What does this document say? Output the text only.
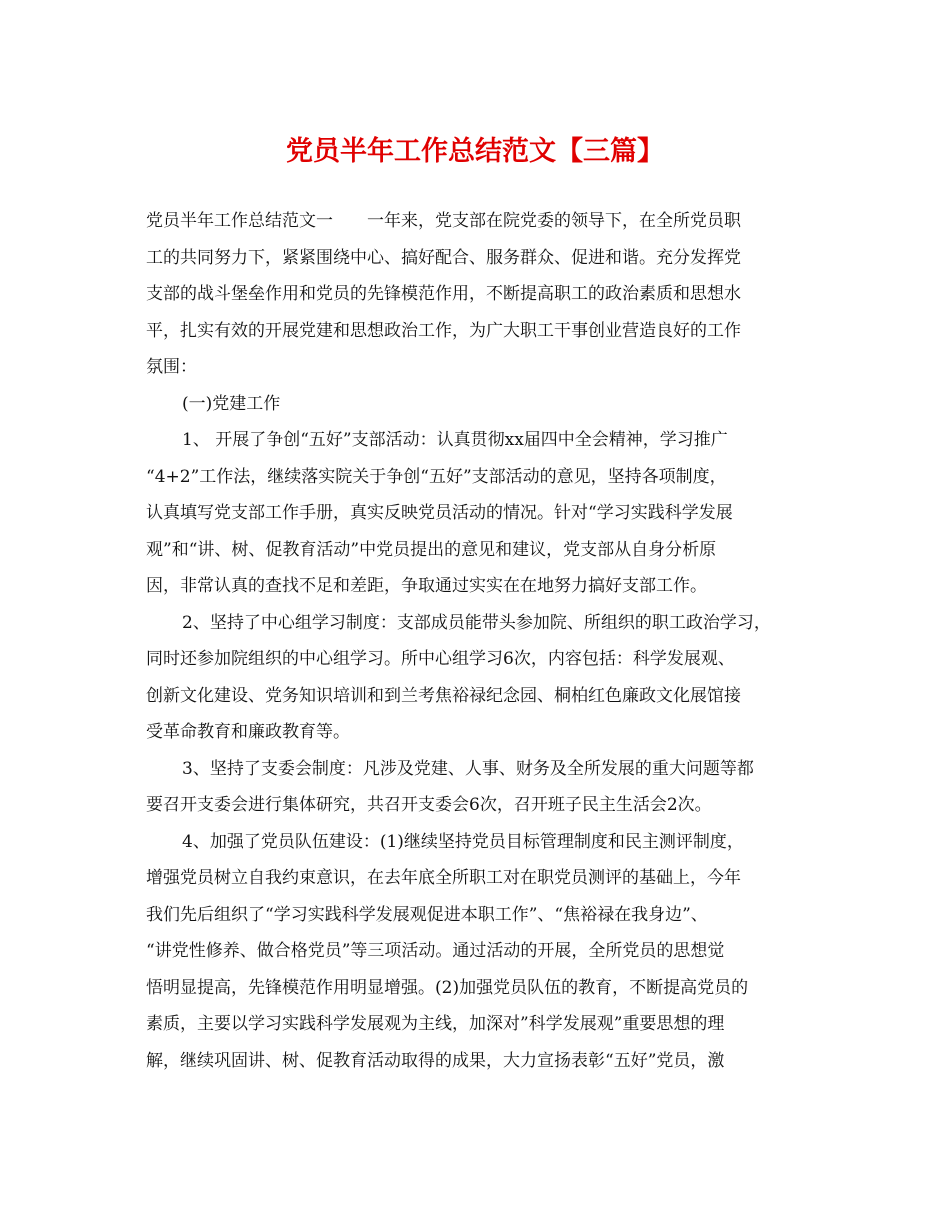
党员半年工作总结范文【三篇】

党员半年工作总结范文一　　一年来，党支部在院党委的领导下，在全所党员职

工的共同努力下，紧紧围绕中心、搞好配合、服务群众、促进和谐。充分发挥党

支部的战斗堡垒作用和党员的先锋模范作用，不断提高职工的政治素质和思想水

平，扎实有效的开展党建和思想政治工作，为广大职工干事创业营造良好的工作

氛围：

(一)党建工作

1、 开展了争创“五好”支部活动：认真贯彻xx届四中全会精神，学习推广

“4+2”工作法，继续落实院关于争创“五好”支部活动的意见，坚持各项制度，

认真填写党支部工作手册，真实反映党员活动的情况。针对“学习实践科学发展

观”和“讲、树、促教育活动”中党员提出的意见和建议，党支部从自身分析原

因，非常认真的查找不足和差距，争取通过实实在在地努力搞好支部工作。

2、坚持了中心组学习制度：支部成员能带头参加院、所组织的职工政治学习，

同时还参加院组织的中心组学习。所中心组学习6次，内容包括：科学发展观、

创新文化建设、党务知识培训和到兰考焦裕禄纪念园、桐柏红色廉政文化展馆接

受革命教育和廉政教育等。

3、坚持了支委会制度：凡涉及党建、人事、财务及全所发展的重大问题等都

要召开支委会进行集体研究，共召开支委会6次，召开班子民主生活会2次。

4、加强了党员队伍建设：(1)继续坚持党员目标管理制度和民主测评制度，

增强党员树立自我约束意识，在去年底全所职工对在职党员测评的基础上，今年

我们先后组织了“学习实践科学发展观促进本职工作”、“焦裕禄在我身边”、

“讲党性修养、做合格党员”等三项活动。通过活动的开展，全所党员的思想觉

悟明显提高，先锋模范作用明显增强。(2)加强党员队伍的教育，不断提高党员的

素质，主要以学习实践科学发展观为主线，加深对”科学发展观”重要思想的理

解，继续巩固讲、树、促教育活动取得的成果，大力宣扬表彰“五好”党员，激
